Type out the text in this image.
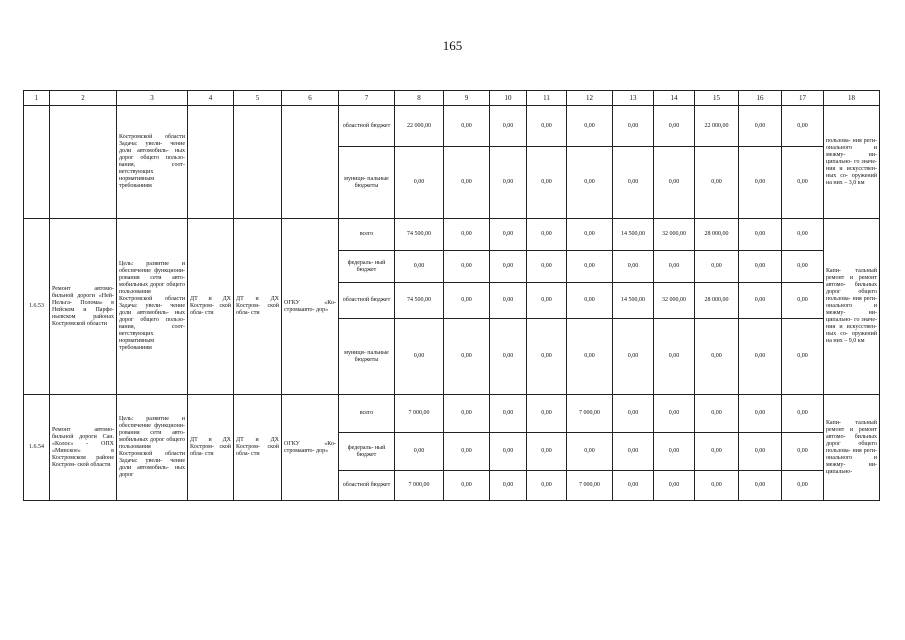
165
1	2	3	4	5	6	7	8	9	10	11	12	13	14	15	16	17	18
		Костромской области Задача: увели- чение доли автомобиль- ных дорог общего пользо- вания, соот- ветствующих нормативным требованиям				областной бюджет	22 000,00	0,00	0,00	0,00	0,00	0,00	0,00	22 000,00	0,00	0,00	пользова- ния реги- онального и межму- ни- ципально- го значе- ния и искусствен- ных со- оружений на них – 3,0 км
						муници- пальные бюджеты	0,00	0,00	0,00	0,00	0,00	0,00	0,00	0,00	0,00	0,00	
1.6.53	Ремонт автомо- бильной дороги «Ней-Нельга- Полома» в Нейском и Парфе- ньевском районах Костромской области	Цель: развитие и обеспечение функциони- рования сети авто- мобильных дорог общего пользования Костромской области Задача: увели- чение доли автомобиль- ных дорог общего пользо- вания, соот- ветствующих нормативным требованиям	ДТ и ДХ Костром- ской обла- сти	ДТ и ДХ Костром- ской обла- сти	ОГКУ «Ко- стромаавто- дор»	всего	74 500,00	0,00	0,00	0,00	0,00	14 500,00	32 000,00	28 000,00	0,00	0,00	Капи- тальный ремонт и ремонт автомо- бильных дорог общего пользова- ния реги- онального и межму- ни- ципально- го значе- ния и искусствен- ных со- оружений на них – 9,0 км
						федераль- ный бюджет	0,00	0,00	0,00	0,00	0,00	0,00	0,00	0,00	0,00	0,00	
						областной бюджет	74 500,00	0,00	0,00	0,00	0,00	14 500,00	32 000,00	28 000,00	0,00	0,00	
						муници- пальные бюджеты	0,00	0,00	0,00	0,00	0,00	0,00	0,00	0,00	0,00	0,00	
1.6.54	Ремонт автомо- бильной дороги Сан. «Колос» - ОПХ «Минское» в Костромском районе Костром- ской области	Цель: развитие и обеспечение функциони- рования сети авто- мобильных дорог общего пользования Костромской области Задача: увели- чение доли автомобиль- ных дорог	ДТ и ДХ Костром- ской обла- сти	ДТ и ДХ Костром- ской обла- сти	ОГКУ «Ко- стромаавто- дор»	всего	7 000,00	0,00	0,00	0,00	7 000,00	0,00	0,00	0,00	0,00	0,00	Капи- тальный ремонт и ремонт автомо- бильных дорог общего пользова- ния реги- онального и межму- ни- ципально-
						федераль- ный бюджет	0,00	0,00	0,00	0,00	0,00	0,00	0,00	0,00	0,00	0,00	
						областной бюджет	7 000,00	0,00	0,00	0,00	7 000,00	0,00	0,00	0,00	0,00	0,00	
